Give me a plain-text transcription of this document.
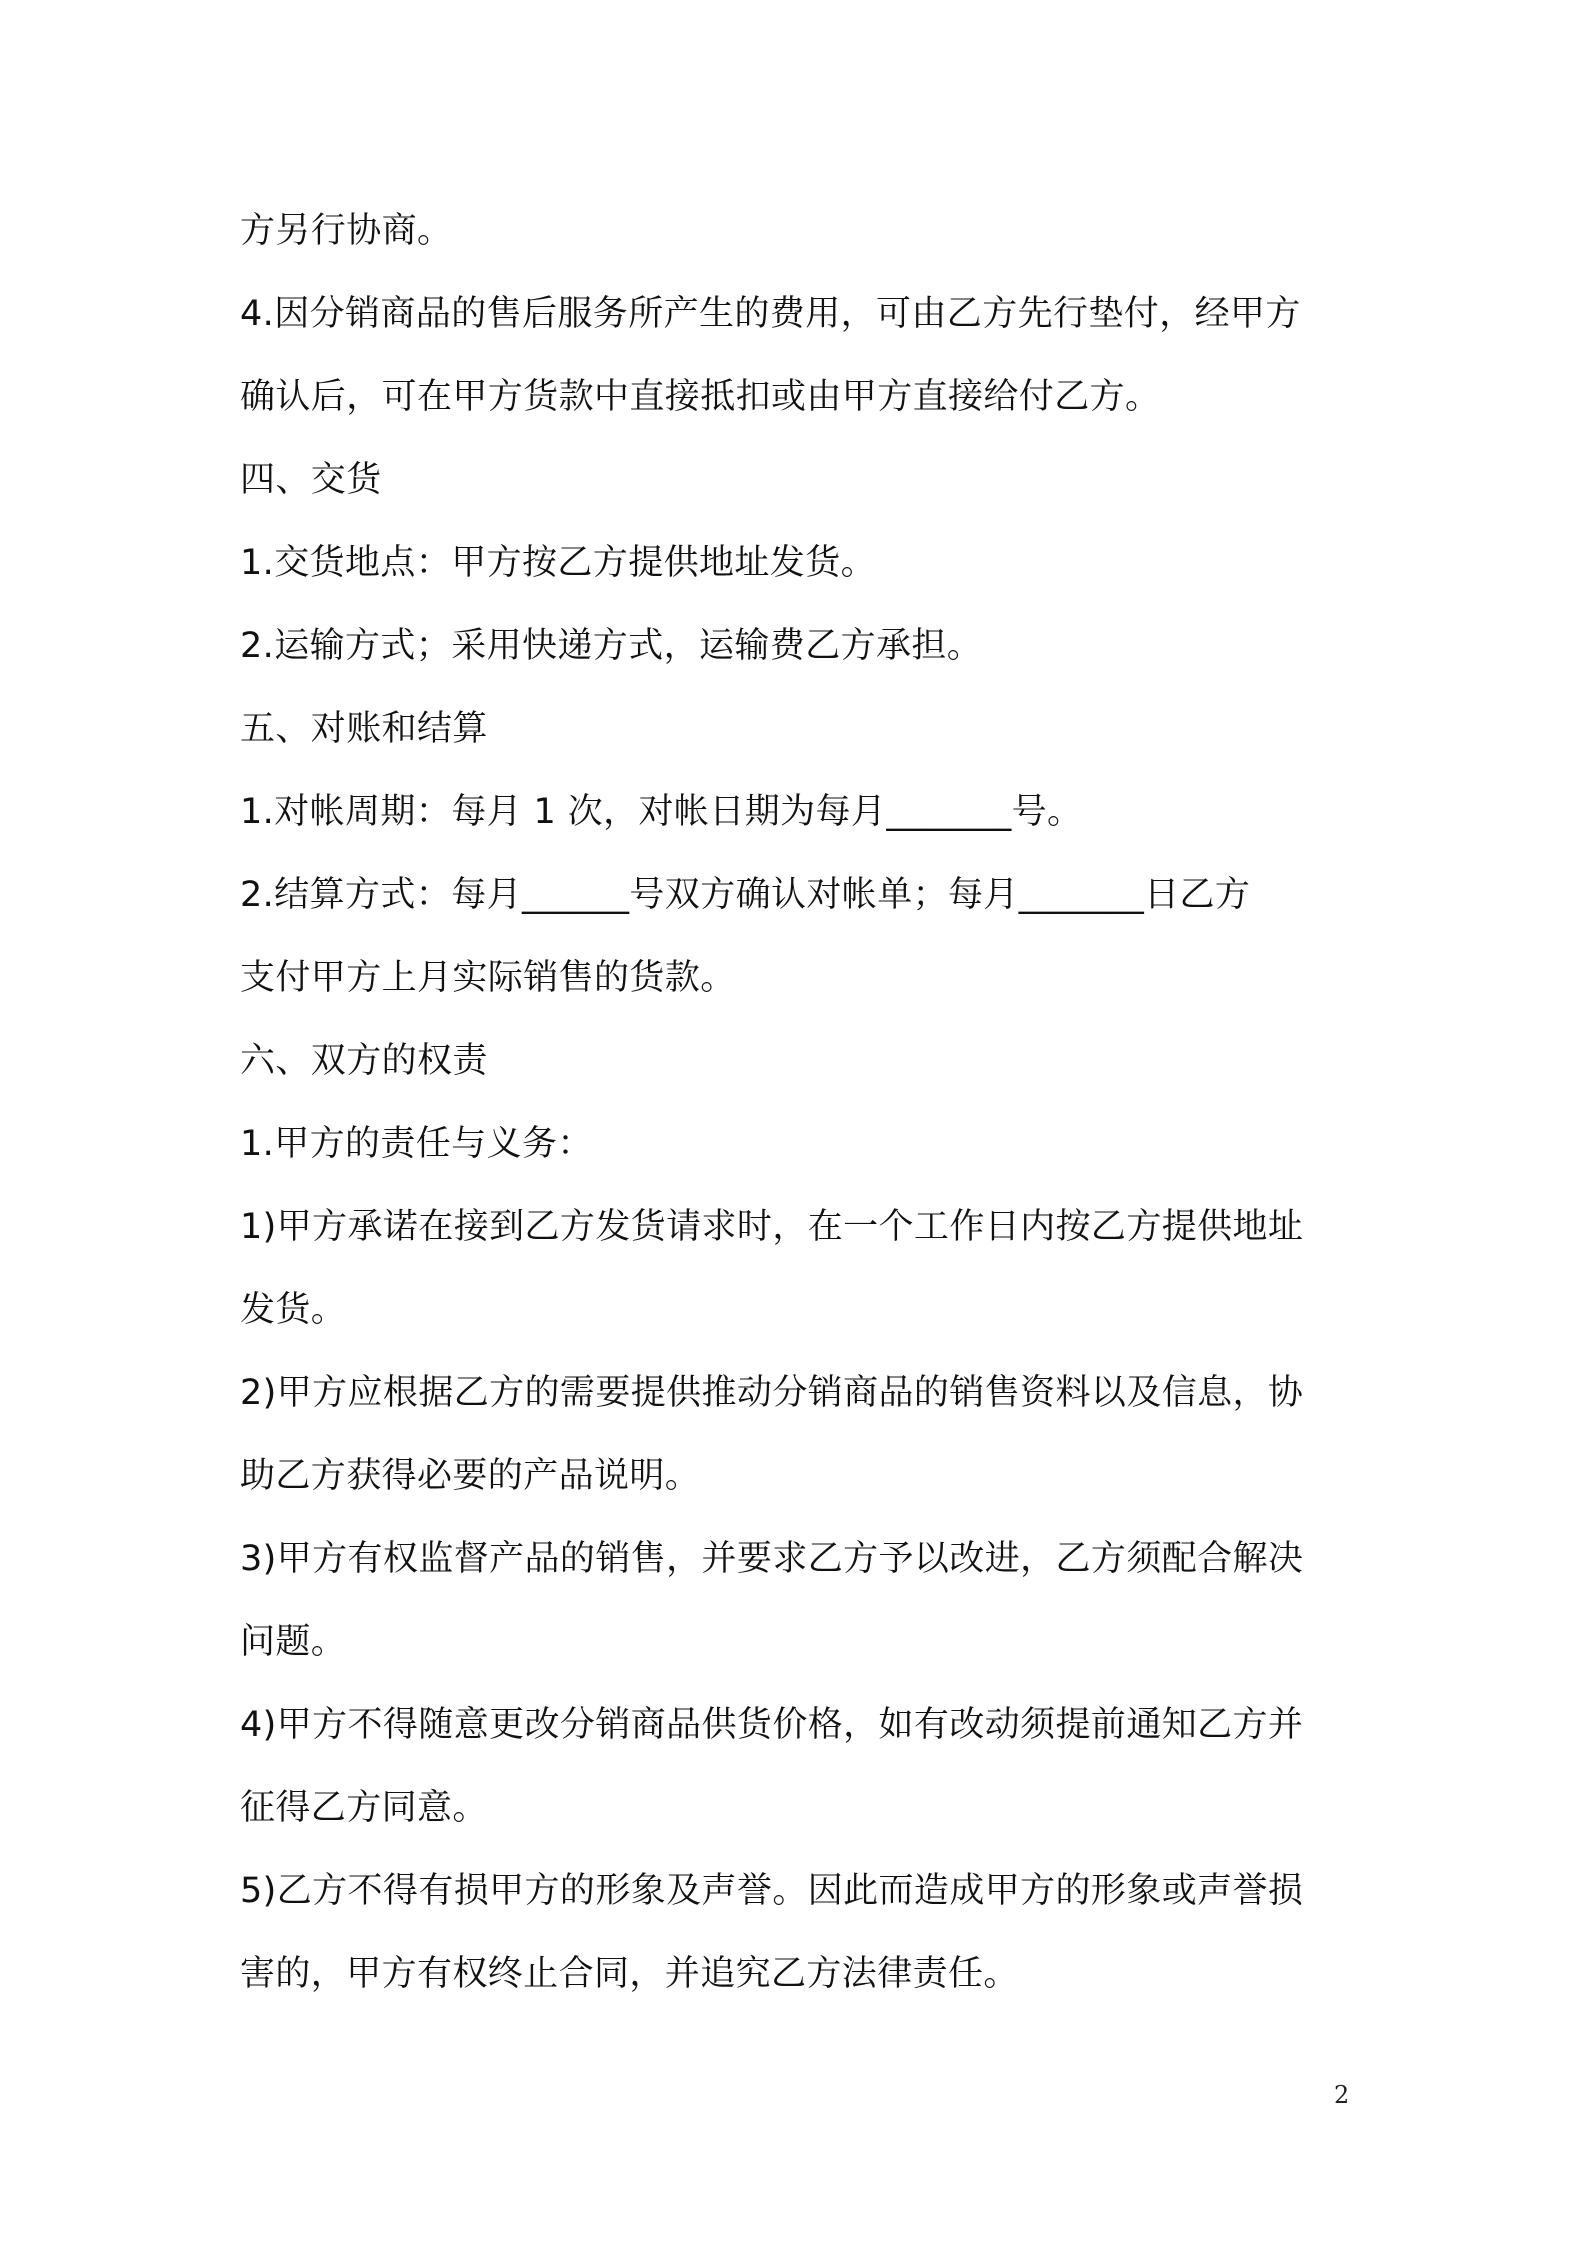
方另行协商。
4.因分销商品的售后服务所产生的费用，可由乙方先行垫付，经甲方
确认后，可在甲方货款中直接抵扣或由甲方直接给付乙方。
四、交货
1.交货地点：甲方按乙方提供地址发货。
2.运输方式；采用快递方式，运输费乙方承担。
五、对账和结算
1.对帐周期：每月 1 次，对帐日期为每月_______号。
2.结算方式：每月______号双方确认对帐单；每月_______日乙方
支付甲方上月实际销售的货款。
六、双方的权责
1.甲方的责任与义务：
1)甲方承诺在接到乙方发货请求时，在一个工作日内按乙方提供地址
发货。
2)甲方应根据乙方的需要提供推动分销商品的销售资料以及信息，协
助乙方获得必要的产品说明。
3)甲方有权监督产品的销售，并要求乙方予以改进，乙方须配合解决
问题。
4)甲方不得随意更改分销商品供货价格，如有改动须提前通知乙方并
征得乙方同意。
5)乙方不得有损甲方的形象及声誉。因此而造成甲方的形象或声誉损
害的，甲方有权终止合同，并追究乙方法律责任。
2
